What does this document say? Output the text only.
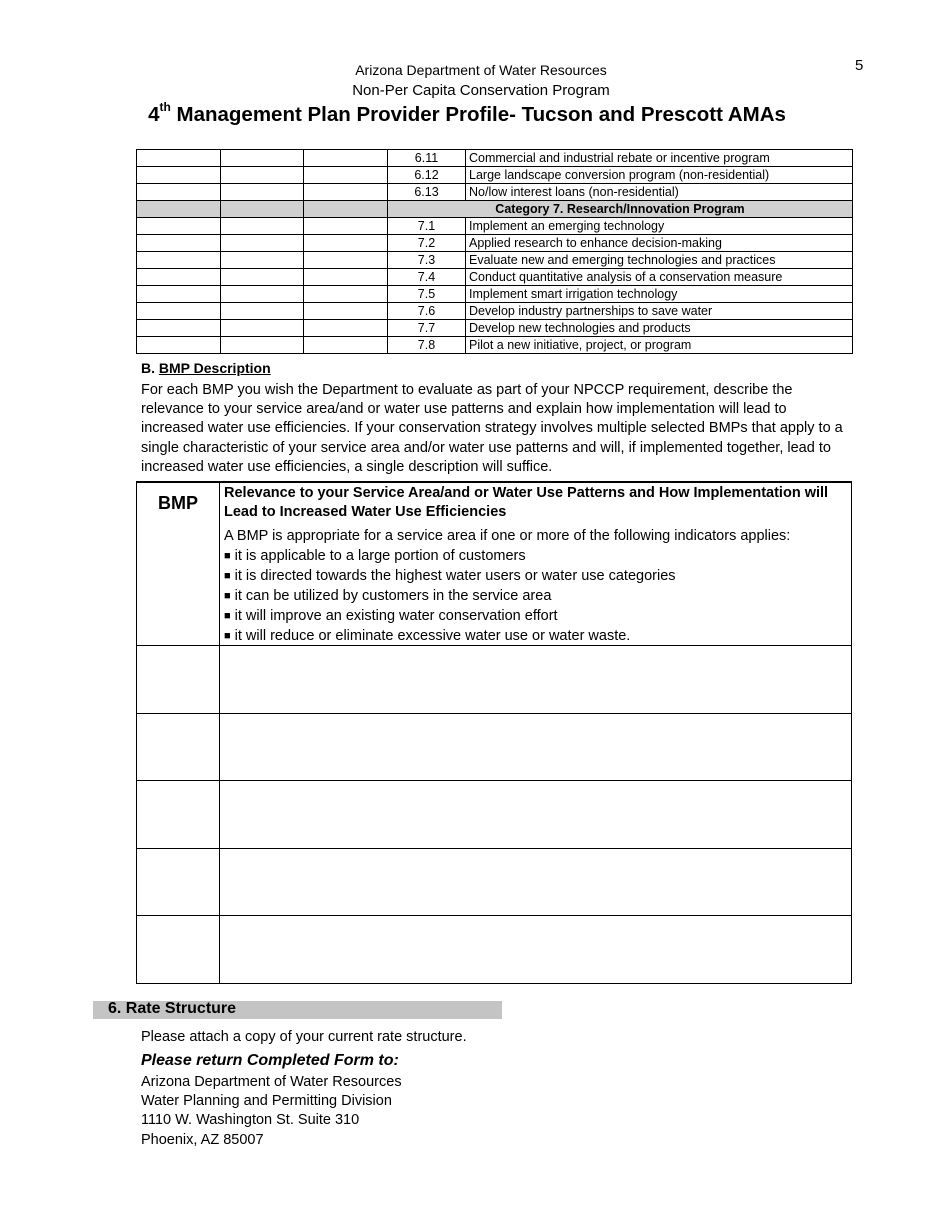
5
Arizona Department of Water Resources
Non-Per Capita Conservation Program
4th Management Plan Provider Profile- Tucson and Prescott AMAs
			6.11	Commercial and industrial rebate or incentive program
			6.12	Large landscape conversion program (non-residential)
			6.13	No/low interest loans (non-residential)
			Category 7. Research/Innovation Program	
			7.1	Implement an emerging technology
			7.2	Applied research to enhance decision-making
			7.3	Evaluate new and emerging technologies and practices
			7.4	Conduct quantitative analysis of a conservation measure
			7.5	Implement smart irrigation technology
			7.6	Develop industry partnerships to save water
			7.7	Develop new technologies and products
			7.8	Pilot a new initiative, project, or program
B. BMP Description
For each BMP you wish the Department to evaluate as part of your NPCCP requirement, describe the relevance to your service area/and or water use patterns and explain how implementation will lead to increased water use efficiencies. If your conservation strategy involves multiple selected BMPs that apply to a single characteristic of your service area and/or water use patterns and will, if implemented together, lead to increased water use efficiencies, a single description will suffice.
BMP	Relevance to your Service Area/and or Water Use Patterns and How Implementation will Lead to Increased Water Use Efficiencies
A BMP is appropriate for a service area if one or more of the following indicators applies:
■ it is applicable to a large portion of customers
■ it is directed towards the highest water users or water use categories
■ it can be utilized by customers in the service area
■ it will improve an existing water conservation effort
■ it will reduce or eliminate excessive water use or water waste.
6. Rate Structure
Please attach a copy of your current rate structure.
Please return Completed Form to:
Arizona Department of Water Resources
Water Planning and Permitting Division
1110 W. Washington St. Suite 310
Phoenix, AZ 85007
